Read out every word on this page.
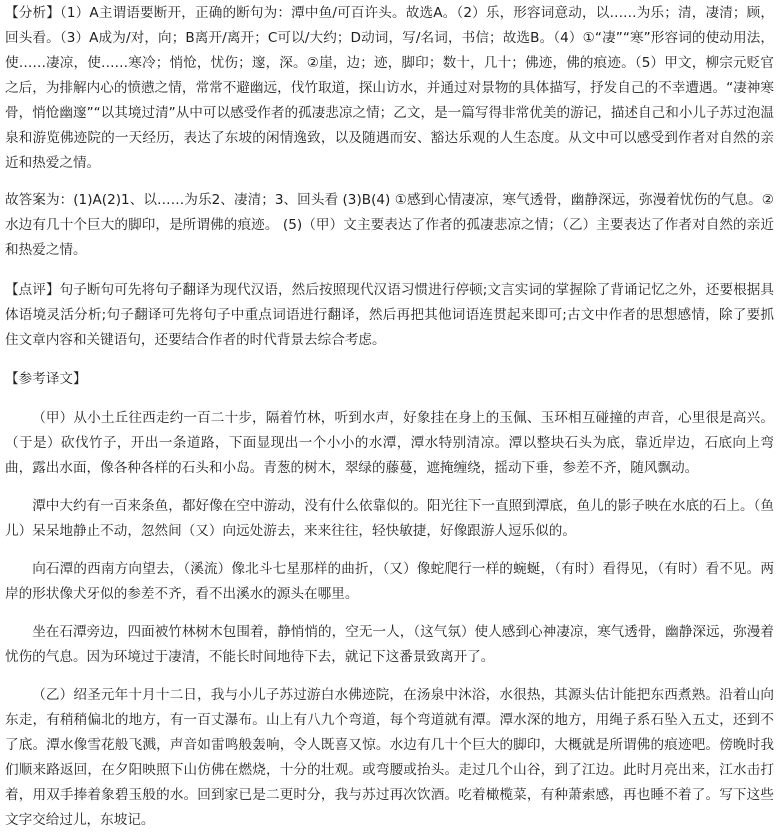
【分析】（1）A主谓语要断开，正确的断句为：潭中鱼/可百许头。故选A。（2）乐，形容词意动，以……为乐；清，凄清；顾，回头看。（3）A成为/对，向；B离开/离开；C可以/大约；D动词，写/名词，书信；故选B。（4）①“凄”“寒”形容词的使动用法，使……凄凉，使……寒冷；悄怆，忧伤；邃，深。②崖，边；迹，脚印；数十，几十；佛迹，佛的痕迹。（5）甲文，柳宗元贬官之后，为排解内心的愤懑之情，常常不避幽远，伐竹取道，探山访水，并通过对景物的具体描写，抒发自己的不幸遭遇。“凄神寒骨，悄怆幽邃”“以其境过清”从中可以感受作者的孤凄悲凉之情；乙文，是一篇写得非常优美的游记，描述自己和小儿子苏过泡温泉和游览佛迹院的一天经历，表达了东坡的闲情逸致，以及随遇而安、豁达乐观的人生态度。从文中可以感受到作者对自然的亲近和热爱之情。

故答案为：(1)A(2)1、以……为乐2、凄清；3、回头看 (3)B(4) ①感到心情凄凉，寒气透骨，幽静深远，弥漫着忧伤的气息。②水边有几十个巨大的脚印，是所谓佛的痕迹。 (5)（甲）文主要表达了作者的孤凄悲凉之情；（乙）主要表达了作者对自然的亲近和热爱之情。

【点评】句子断句可先将句子翻译为现代汉语，然后按照现代汉语习惯进行停顿;文言实词的掌握除了背诵记忆之外，还要根据具体语境灵活分析;句子翻译可先将句子中重点词语进行翻译，然后再把其他词语连贯起来即可;古文中作者的思想感情，除了要抓住文章内容和关键语句，还要结合作者的时代背景去综合考虑。

【参考译文】

（甲）从小土丘往西走约一百二十步，隔着竹林，听到水声，好象挂在身上的玉佩、玉环相互碰撞的声音，心里很是高兴。（于是）砍伐竹子，开出一条道路，下面显现出一个小小的水潭，潭水特别清凉。潭以整块石头为底，靠近岸边，石底向上弯曲，露出水面，像各种各样的石头和小岛。青葱的树木，翠绿的藤蔓，遮掩缠绕，摇动下垂，参差不齐，随风飘动。

潭中大约有一百来条鱼，都好像在空中游动，没有什么依靠似的。阳光往下一直照到潭底，鱼儿的影子映在水底的石上。（鱼儿）呆呆地静止不动，忽然间（又）向远处游去，来来往往，轻快敏捷，好像跟游人逗乐似的。

向石潭的西南方向望去，（溪流）像北斗七星那样的曲折，（又）像蛇爬行一样的蜿蜒，（有时）看得见，（有时）看不见。两岸的形状像犬牙似的参差不齐，看不出溪水的源头在哪里。

坐在石潭旁边，四面被竹林树木包围着，静悄悄的，空无一人，（这气氛）使人感到心神凄凉，寒气透骨，幽静深远，弥漫着忧伤的气息。因为环境过于凄清，不能长时间地待下去，就记下这番景致离开了。

（乙）绍圣元年十月十二日，我与小儿子苏过游白水佛迹院，在汤泉中沐浴，水很热，其源头估计能把东西煮熟。沿着山向东走，有稍稍偏北的地方，有一百丈瀑布。山上有八九个弯道，每个弯道就有潭。潭水深的地方，用绳子系石坠入五丈，还到不了底。潭水像雪花般飞溅，声音如雷鸣般轰响，令人既喜又惊。水边有几十个巨大的脚印，大概就是所谓佛的痕迹吧。傍晚时我们顺来路返回，在夕阳映照下山仿佛在燃烧，十分的壮观。或弯腰或抬头。走过几个山谷，到了江边。此时月亮出来，江水击打着，用双手捧着象碧玉般的水。回到家已是二更时分，我与苏过再次饮酒。吃着橄榄菜，有种萧索感，再也睡不着了。写下这些文字交给过儿，东坡记。
